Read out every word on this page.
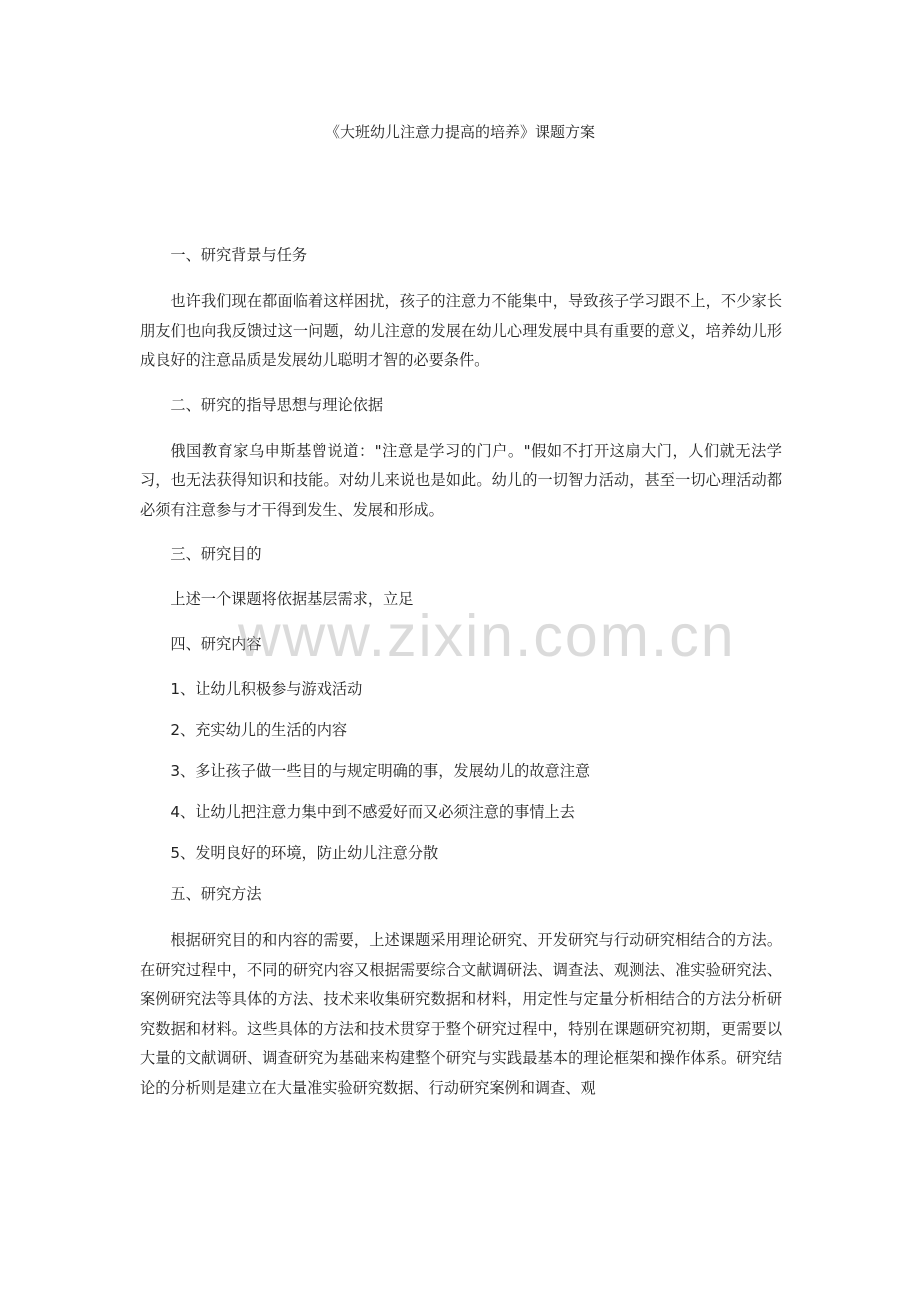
《大班幼儿注意力提高的培养》课题方案

一、研究背景与任务

也许我们现在都面临着这样困扰，孩子的注意力不能集中，导致孩子学习跟不上，不少家长朋友们也向我反馈过这一问题，幼儿注意的发展在幼儿心理发展中具有重要的意义，培养幼儿形成良好的注意品质是发展幼儿聪明才智的必要条件。

二、研究的指导思想与理论依据

俄国教育家乌申斯基曾说道："注意是学习的门户。"假如不打开这扇大门，人们就无法学习，也无法获得知识和技能。对幼儿来说也是如此。幼儿的一切智力活动，甚至一切心理活动都必须有注意参与才干得到发生、发展和形成。

三、研究目的

上述一个课题将依据基层需求，立足

四、研究内容

1、让幼儿积极参与游戏活动

2、充实幼儿的生活的内容

3、多让孩子做一些目的与规定明确的事，发展幼儿的故意注意

4、让幼儿把注意力集中到不感爱好而又必须注意的事情上去

5、发明良好的环境，防止幼儿注意分散

五、研究方法

根据研究目的和内容的需要，上述课题采用理论研究、开发研究与行动研究相结合的方法。在研究过程中，不同的研究内容又根据需要综合文献调研法、调查法、观测法、准实验研究法、案例研究法等具体的方法、技术来收集研究数据和材料，用定性与定量分析相结合的方法分析研究数据和材料。这些具体的方法和技术贯穿于整个研究过程中，特别在课题研究初期，更需要以大量的文献调研、调查研究为基础来构建整个研究与实践最基本的理论框架和操作体系。研究结论的分析则是建立在大量准实验研究数据、行动研究案例和调查、观

www.zixin.com.cn
